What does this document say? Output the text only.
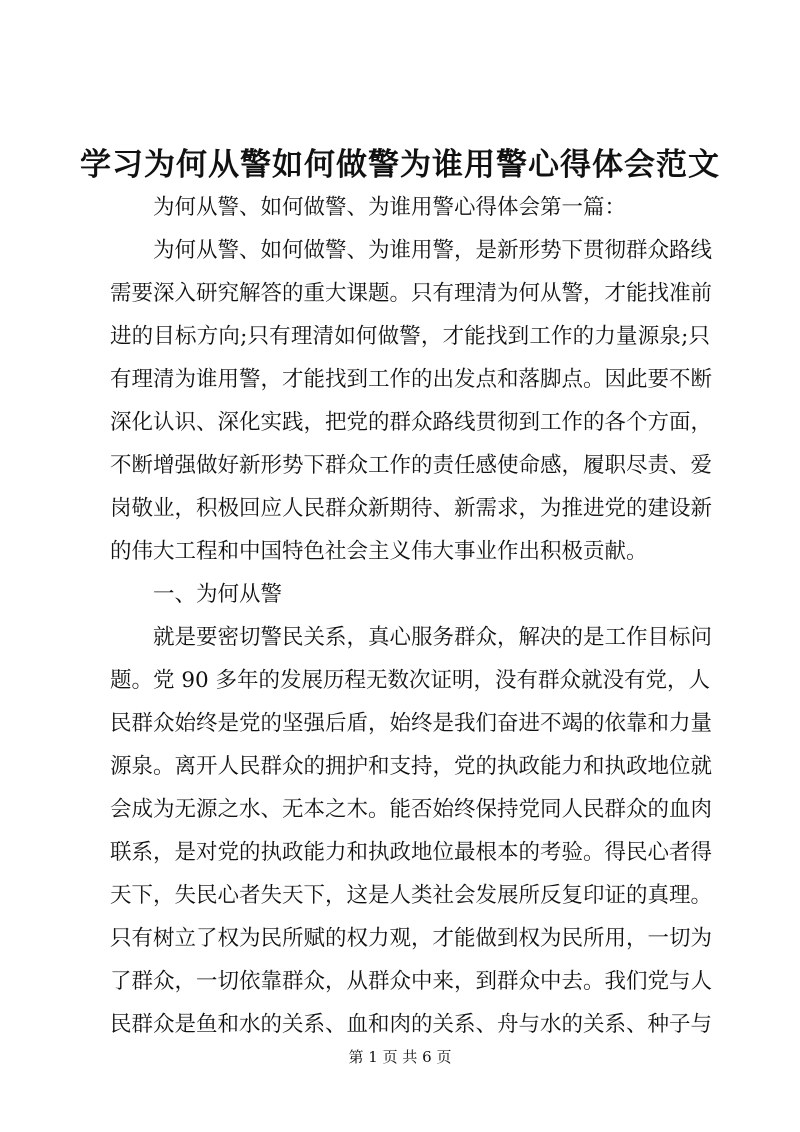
学习为何从警如何做警为谁用警心得体会范文
为何从警、如何做警、为谁用警心得体会第一篇：
为何从警、如何做警、为谁用警，是新形势下贯彻群众路线
需要深入研究解答的重大课题。只有理清为何从警，才能找准前
进的目标方向;只有理清如何做警，才能找到工作的力量源泉;只
有理清为谁用警，才能找到工作的出发点和落脚点。因此要不断
深化认识、深化实践，把党的群众路线贯彻到工作的各个方面，
不断增强做好新形势下群众工作的责任感使命感，履职尽责、爱
岗敬业，积极回应人民群众新期待、新需求，为推进党的建设新
的伟大工程和中国特色社会主义伟大事业作出积极贡献。
一、为何从警
就是要密切警民关系，真心服务群众，解决的是工作目标问
题。党 90 多年的发展历程无数次证明，没有群众就没有党，人
民群众始终是党的坚强后盾，始终是我们奋进不竭的依靠和力量
源泉。离开人民群众的拥护和支持，党的执政能力和执政地位就
会成为无源之水、无本之木。能否始终保持党同人民群众的血肉
联系，是对党的执政能力和执政地位最根本的考验。得民心者得
天下，失民心者失天下，这是人类社会发展所反复印证的真理。
只有树立了权为民所赋的权力观，才能做到权为民所用，一切为
了群众，一切依靠群众，从群众中来，到群众中去。我们党与人
民群众是鱼和水的关系、血和肉的关系、舟与水的关系、种子与
第 1 页 共 6 页
